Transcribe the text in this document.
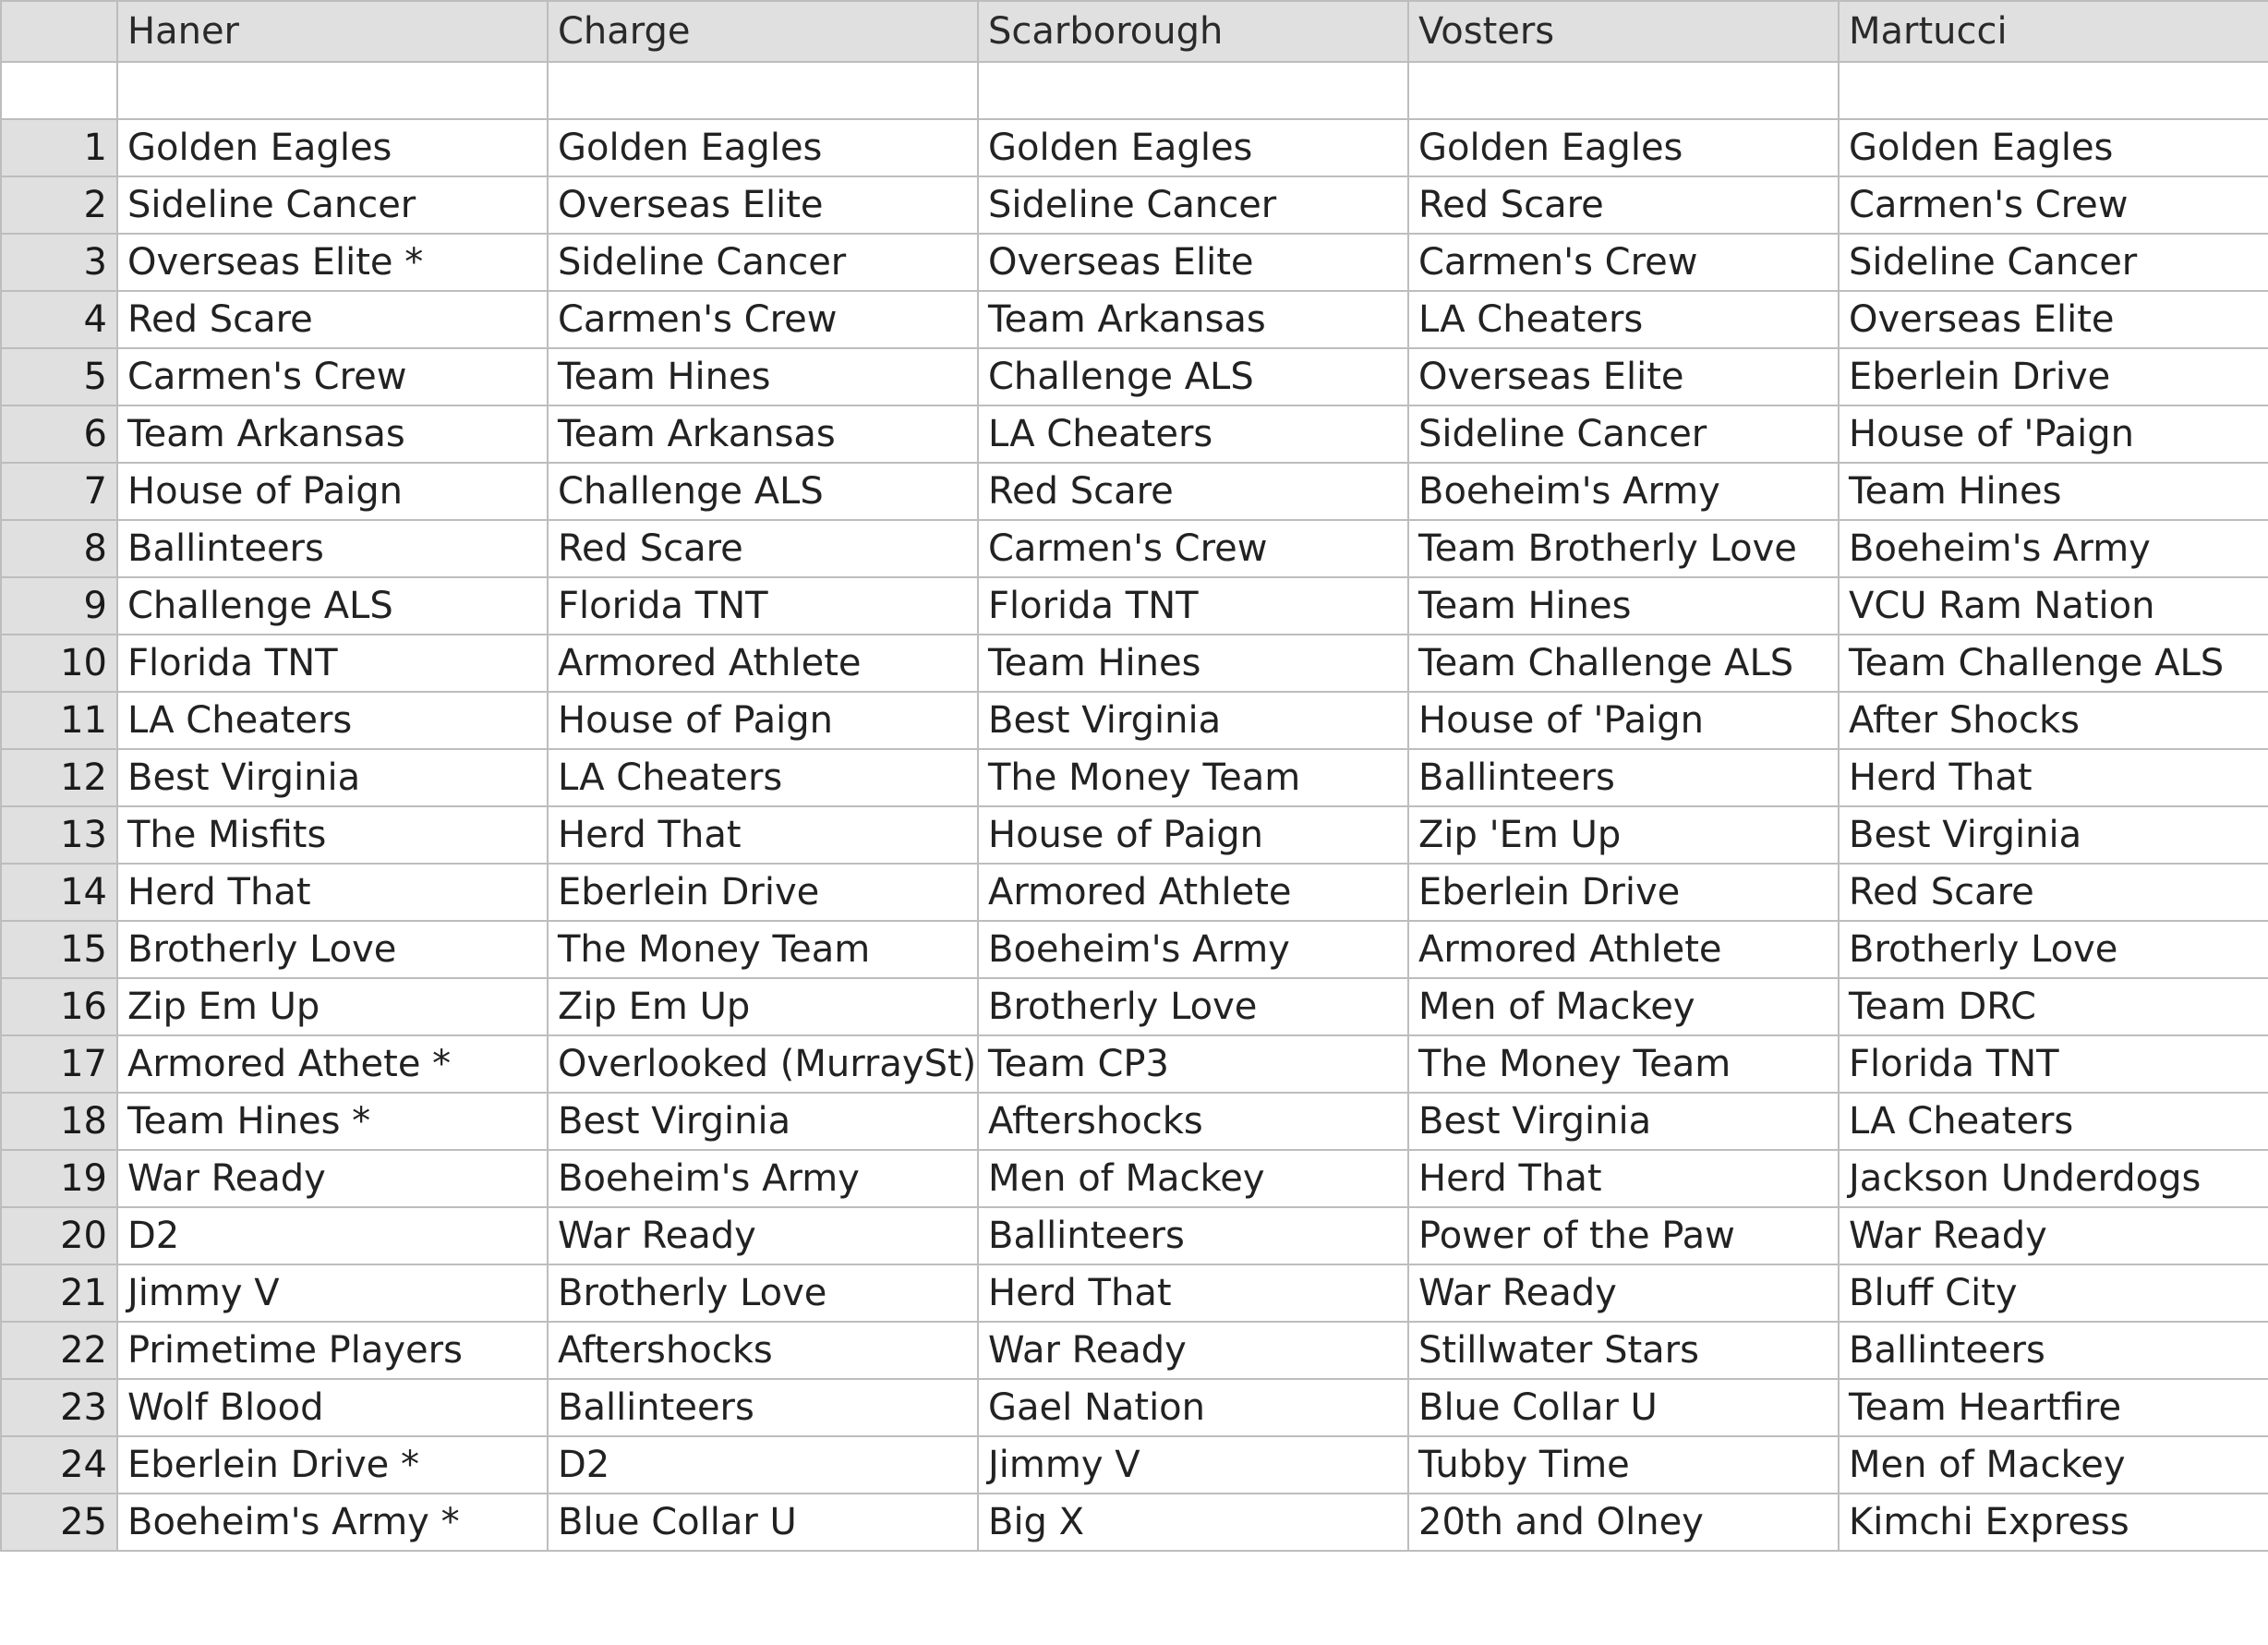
	Haner	Charge	Scarborough	Vosters	Martucci

1	Golden Eagles	Golden Eagles	Golden Eagles	Golden Eagles	Golden Eagles
2	Sideline Cancer	Overseas Elite	Sideline Cancer	Red Scare	Carmen's Crew
3	Overseas Elite *	Sideline Cancer	Overseas Elite	Carmen's Crew	Sideline Cancer
4	Red Scare	Carmen's Crew	Team Arkansas	LA Cheaters	Overseas Elite
5	Carmen's Crew	Team Hines	Challenge ALS	Overseas Elite	Eberlein Drive
6	Team Arkansas	Team Arkansas	LA Cheaters	Sideline Cancer	House of 'Paign
7	House of Paign	Challenge ALS	Red Scare	Boeheim's Army	Team Hines
8	Ballinteers	Red Scare	Carmen's Crew	Team Brotherly Love	Boeheim's Army
9	Challenge ALS	Florida TNT	Florida TNT	Team Hines	VCU Ram Nation
10	Florida TNT	Armored Athlete	Team Hines	Team Challenge ALS	Team Challenge ALS
11	LA Cheaters	House of Paign	Best Virginia	House of 'Paign	After Shocks
12	Best Virginia	LA Cheaters	The Money Team	Ballinteers	Herd That
13	The Misfits	Herd That	House of Paign	Zip 'Em Up	Best Virginia
14	Herd That	Eberlein Drive	Armored Athlete	Eberlein Drive	Red Scare
15	Brotherly Love	The Money Team	Boeheim's Army	Armored Athlete	Brotherly Love
16	Zip Em Up	Zip Em Up	Brotherly Love	Men of Mackey	Team DRC
17	Armored Athete *	Overlooked (MurraySt)	Team CP3	The Money Team	Florida TNT
18	Team Hines *	Best Virginia	Aftershocks	Best Virginia	LA Cheaters
19	War Ready	Boeheim's Army	Men of Mackey	Herd That	Jackson Underdogs
20	D2	War Ready	Ballinteers	Power of the Paw	War Ready
21	Jimmy V	Brotherly Love	Herd That	War Ready	Bluff City
22	Primetime Players	Aftershocks	War Ready	Stillwater Stars	Ballinteers
23	Wolf Blood	Ballinteers	Gael Nation	Blue Collar U	Team Heartfire
24	Eberlein Drive *	D2	Jimmy V	Tubby Time	Men of Mackey
25	Boeheim's Army *	Blue Collar U	Big X	20th and Olney	Kimchi Express
